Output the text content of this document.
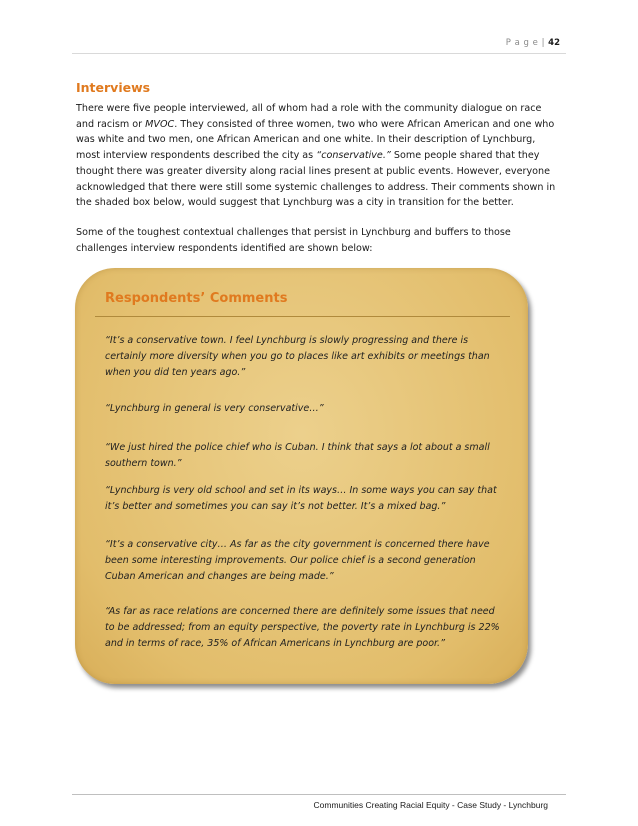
P a g e | 42
Interviews

There were five people interviewed, all of whom had a role with the community dialogue on race and racism or MVOC. They consisted of three women, two who were African American and one who was white and two men, one African American and one white. In their description of Lynchburg, most interview respondents described the city as “conservative.” Some people shared that they thought there was greater diversity along racial lines present at public events. However, everyone acknowledged that there were still some systemic challenges to address. Their comments shown in the shaded box below, would suggest that Lynchburg was a city in transition for the better.

Some of the toughest contextual challenges that persist in Lynchburg and buffers to those challenges interview respondents identified are shown below:

Respondents’ Comments

“It’s a conservative town. I feel Lynchburg is slowly progressing and there is certainly more diversity when you go to places like art exhibits or meetings than when you did ten years ago.”

“Lynchburg in general is very conservative…”

“We just hired the police chief who is Cuban. I think that says a lot about a small southern town.”

“Lynchburg is very old school and set in its ways… In some ways you can say that it’s better and sometimes you can say it’s not better. It’s a mixed bag.”

“It’s a conservative city… As far as the city government is concerned there have been some interesting improvements. Our police chief is a second generation Cuban American and changes are being made.”

“As far as race relations are concerned there are definitely some issues that need to be addressed; from an equity perspective, the poverty rate in Lynchburg is 22% and in terms of race, 35% of African Americans in Lynchburg are poor.”

Communities Creating Racial Equity - Case Study - Lynchburg
